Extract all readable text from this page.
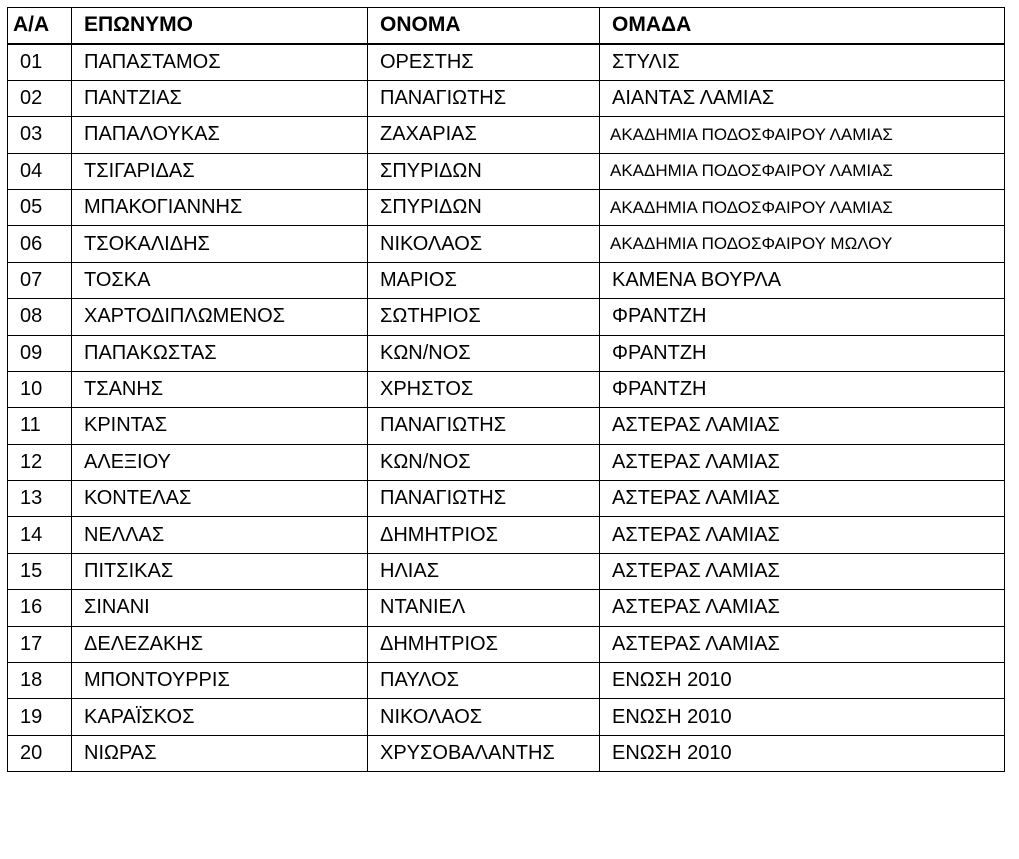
Α/Α	ΕΠΩΝΥΜΟ	ΟΝΟΜΑ	ΟΜΑΔΑ
01	ΠΑΠΑΣΤΑΜΟΣ	ΟΡΕΣΤΗΣ	ΣΤΥΛΙΣ
02	ΠΑΝΤΖΙΑΣ	ΠΑΝΑΓΙΩΤΗΣ	ΑΙΑΝΤΑΣ ΛΑΜΙΑΣ
03	ΠΑΠΑΛΟΥΚΑΣ	ΖΑΧΑΡΙΑΣ	ΑΚΑΔΗΜΙΑ ΠΟΔΟΣΦΑΙΡΟΥ ΛΑΜΙΑΣ
04	ΤΣΙΓΑΡΙΔΑΣ	ΣΠΥΡΙΔΩΝ	ΑΚΑΔΗΜΙΑ ΠΟΔΟΣΦΑΙΡΟΥ ΛΑΜΙΑΣ
05	ΜΠΑΚΟΓΙΑΝΝΗΣ	ΣΠΥΡΙΔΩΝ	ΑΚΑΔΗΜΙΑ ΠΟΔΟΣΦΑΙΡΟΥ ΛΑΜΙΑΣ
06	ΤΣΟΚΑΛΙΔΗΣ	ΝΙΚΟΛΑΟΣ	ΑΚΑΔΗΜΙΑ ΠΟΔΟΣΦΑΙΡΟΥ ΜΩΛΟΥ
07	ΤΟΣΚΑ	ΜΑΡΙΟΣ	ΚΑΜΕΝΑ ΒΟΥΡΛΑ
08	ΧΑΡΤΟΔΙΠΛΩΜΕΝΟΣ	ΣΩΤΗΡΙΟΣ	ΦΡΑΝΤΖΗ
09	ΠΑΠΑΚΩΣΤΑΣ	ΚΩΝ/ΝΟΣ	ΦΡΑΝΤΖΗ
10	ΤΣΑΝΗΣ	ΧΡΗΣΤΟΣ	ΦΡΑΝΤΖΗ
11	ΚΡΙΝΤΑΣ	ΠΑΝΑΓΙΩΤΗΣ	ΑΣΤΕΡΑΣ ΛΑΜΙΑΣ
12	ΑΛΕΞΙΟΥ	ΚΩΝ/ΝΟΣ	ΑΣΤΕΡΑΣ ΛΑΜΙΑΣ
13	ΚΟΝΤΕΛΑΣ	ΠΑΝΑΓΙΩΤΗΣ	ΑΣΤΕΡΑΣ ΛΑΜΙΑΣ
14	ΝΕΛΛΑΣ	ΔΗΜΗΤΡΙΟΣ	ΑΣΤΕΡΑΣ ΛΑΜΙΑΣ
15	ΠΙΤΣΙΚΑΣ	ΗΛΙΑΣ	ΑΣΤΕΡΑΣ ΛΑΜΙΑΣ
16	ΣΙΝΑΝΙ	ΝΤΑΝΙΕΛ	ΑΣΤΕΡΑΣ ΛΑΜΙΑΣ
17	ΔΕΛΕΖΑΚΗΣ	ΔΗΜΗΤΡΙΟΣ	ΑΣΤΕΡΑΣ ΛΑΜΙΑΣ
18	ΜΠΟΝΤΟΥΡΡΙΣ	ΠΑΥΛΟΣ	ΕΝΩΣΗ 2010
19	ΚΑΡΑΪΣΚΟΣ	ΝΙΚΟΛΑΟΣ	ΕΝΩΣΗ 2010
20	ΝΙΩΡΑΣ	ΧΡΥΣΟΒΑΛΑΝΤΗΣ	ΕΝΩΣΗ 2010
